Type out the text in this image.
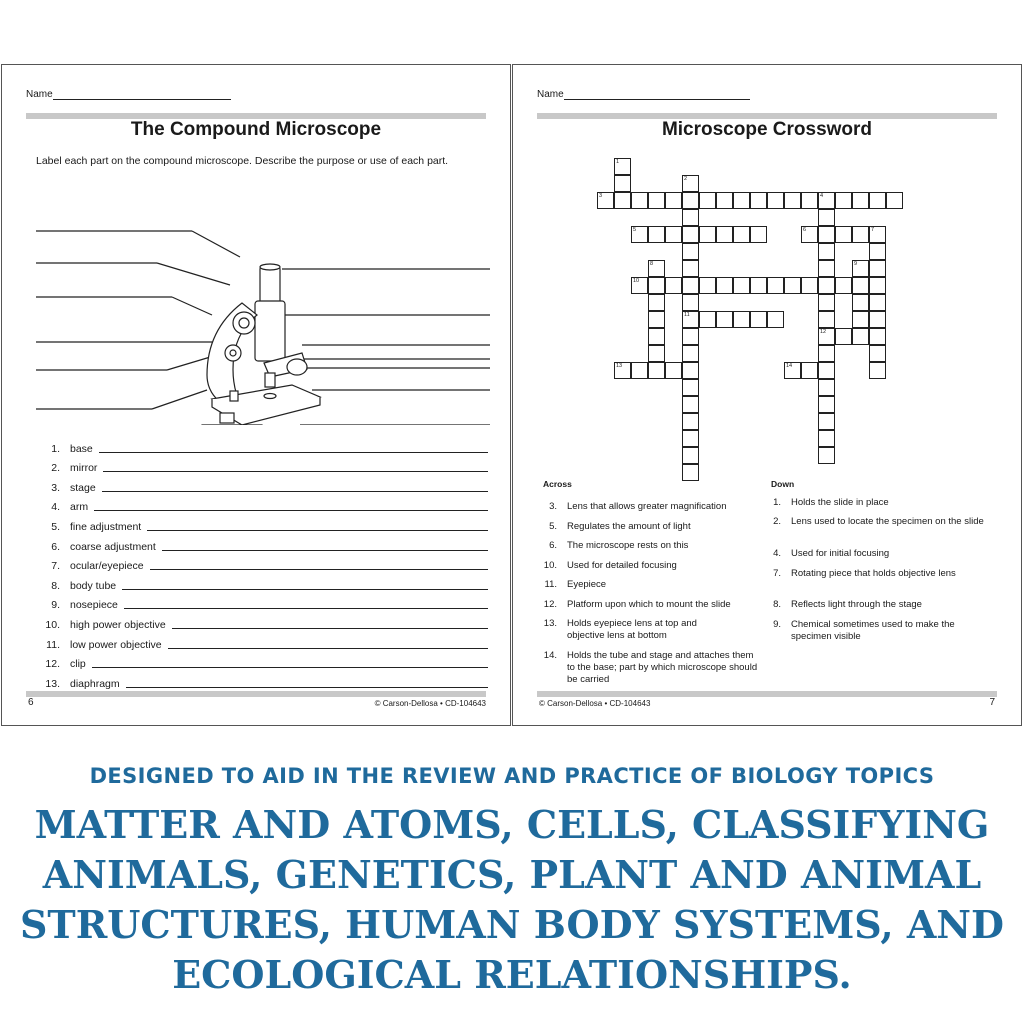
Name
The Compound Microscope
Label each part on the compound microscope. Describe the purpose or use of each part.
1. base
2. mirror
3. stage
4. arm
5. fine adjustment
6. coarse adjustment
7. ocular/eyepiece
8. body tube
9. nosepiece
10. high power objective
11. low power objective
12. clip
13. diaphragm
6	© Carson-Dellosa • CD-104643
Name
Microscope Crossword
1
2
11
3	4
12
5	6	7
8	9
10
13	14
Across	Down
3.	Lens that allows greater magnification
5.	Regulates the amount of light
6.	The microscope rests on this
10.	Used for detailed focusing
11.	Eyepiece
12.	Platform upon which to mount the slide
13.	Holds eyepiece lens at top and objective lens at bottom
14.	Holds the tube and stage and attaches them to the base; part by which microscope should be carried
1.	Holds the slide in place
2.	Lens used to locate the specimen on the slide
4.	Used for initial focusing
7.	Rotating piece that holds objective lens
8.	Reflects light through the stage
9.	Chemical sometimes used to make the specimen visible
© Carson-Dellosa • CD-104643	7
DESIGNED TO AID IN THE REVIEW AND PRACTICE OF BIOLOGY TOPICS
MATTER AND ATOMS, CELLS, CLASSIFYING
ANIMALS, GENETICS, PLANT AND ANIMAL
STRUCTURES, HUMAN BODY SYSTEMS, AND
ECOLOGICAL RELATIONSHIPS.
